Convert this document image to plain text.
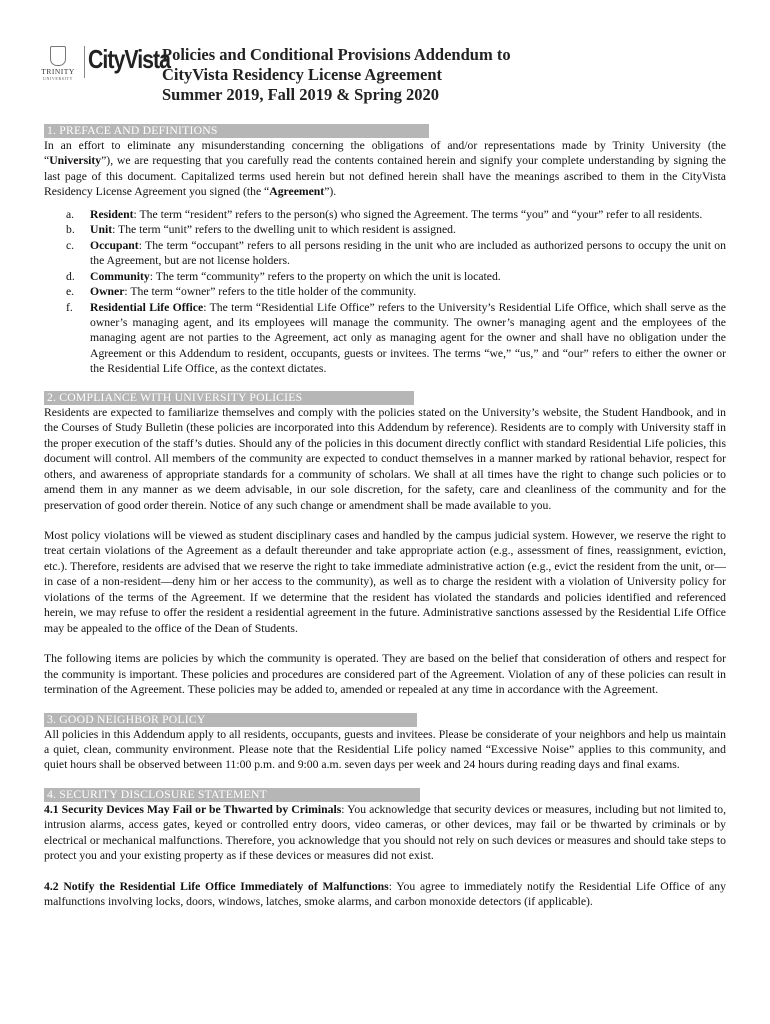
TRINITY
UNIVERSITY
CityVista
Policies and Conditional Provisions Addendum to
CityVista Residency License Agreement
Summer 2019, Fall 2019 & Spring 2020
1. PREFACE AND DEFINITIONS

In an effort to eliminate any misunderstanding concerning the obligations of and/or representations made by Trinity University (the “University”), we are requesting that you carefully read the contents contained herein and signify your complete understanding by signing the last page of this document. Capitalized terms used herein but not defined herein shall have the meanings ascribed to them in the CityVista Residency License Agreement you signed (the “Agreement”).

a. Resident: The term “resident” refers to the person(s) who signed the Agreement. The terms “you” and “your” refer to all residents.
b. Unit: The term “unit” refers to the dwelling unit to which resident is assigned.
c. Occupant: The term “occupant” refers to all persons residing in the unit who are included as authorized persons to occupy the unit on the Agreement, but are not license holders.
d. Community: The term “community” refers to the property on which the unit is located.
e. Owner: The term “owner” refers to the title holder of the community.
f. Residential Life Office: The term “Residential Life Office” refers to the University’s Residential Life Office, which shall serve as the owner’s managing agent, and its employees will manage the community. The owner’s managing agent and the employees of the managing agent are not parties to the Agreement, act only as managing agent for the owner and shall have no obligation under the Agreement or this Addendum to resident, occupants, guests or invitees. The terms “we,” “us,” and “our” refers to either the owner or the Residential Life Office, as the context dictates.
2. COMPLIANCE WITH UNIVERSITY POLICIES

Residents are expected to familiarize themselves and comply with the policies stated on the University’s website, the Student Handbook, and in the Courses of Study Bulletin (these policies are incorporated into this Addendum by reference). Residents are to comply with University staff in the proper execution of the staff’s duties. Should any of the policies in this document directly conflict with standard Residential Life policies, this document will control. All members of the community are expected to conduct themselves in a manner marked by rational behavior, respect for others, and awareness of appropriate standards for a community of scholars. We shall at all times have the right to change such policies or to amend them in any manner as we deem advisable, in our sole discretion, for the safety, care and cleanliness of the community and for the preservation of good order therein. Notice of any such change or amendment shall be made available to you.

Most policy violations will be viewed as student disciplinary cases and handled by the campus judicial system. However, we reserve the right to treat certain violations of the Agreement as a default thereunder and take appropriate action (e.g., assessment of fines, reassignment, eviction, etc.). Therefore, residents are advised that we reserve the right to take immediate administrative action (e.g., evict the resident from the unit, or—in case of a non-resident—deny him or her access to the community), as well as to charge the resident with a violation of University policy for violations of the terms of the Agreement. If we determine that the resident has violated the standards and policies identified and referenced herein, we may refuse to offer the resident a residential agreement in the future. Administrative sanctions assessed by the Residential Life Office may be appealed to the office of the Dean of Students.

The following items are policies by which the community is operated. They are based on the belief that consideration of others and respect for the community is important. These policies and procedures are considered part of the Agreement. Violation of any of these policies can result in termination of the Agreement. These policies may be added to, amended or repealed at any time in accordance with the Agreement.

3. GOOD NEIGHBOR POLICY

All policies in this Addendum apply to all residents, occupants, guests and invitees. Please be considerate of your neighbors and help us maintain a quiet, clean, community environment. Please note that the Residential Life policy named “Excessive Noise” applies to this community, and quiet hours shall be observed between 11:00 p.m. and 9:00 a.m. seven days per week and 24 hours during reading days and final exams.

4. SECURITY DISCLOSURE STATEMENT

4.1 Security Devices May Fail or be Thwarted by Criminals: You acknowledge that security devices or measures, including but not limited to, intrusion alarms, access gates, keyed or controlled entry doors, video cameras, or other devices, may fail or be thwarted by criminals or by electrical or mechanical malfunctions. Therefore, you acknowledge that you should not rely on such devices or measures and should take steps to protect you and your existing property as if these devices or measures did not exist.

4.2 Notify the Residential Life Office Immediately of Malfunctions: You agree to immediately notify the Residential Life Office of any malfunctions involving locks, doors, windows, latches, smoke alarms, and carbon monoxide detectors (if applicable).
